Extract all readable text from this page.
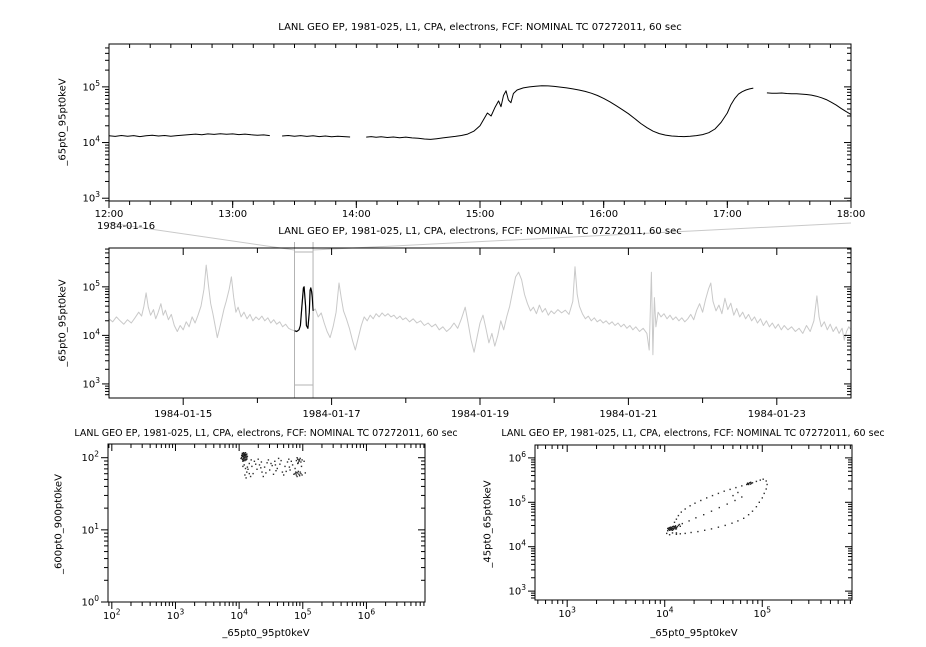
$10^3$
$10^4$
$10^5$
12:00	13:00	14:00	15:00	16:00	17:00	18:00
1984-01-16
$10^3$
$10^4$
$10^5$
1984-01-15	1984-01-17	1984-01-19	1984-01-21	1984-01-23
$10^0$
$10^1$
$10^2$
$10^2$	$10^3$	$10^4$	$10^5$	$10^6$
$10^3$
$10^4$
$10^5$
$10^6$
$10^3$	$10^4$	$10^5$
LANL GEO EP, 1981-025, L1, CPA, electrons, FCF: NOMINAL TC 07272011, 60 sec
LANL GEO EP, 1981-025, L1, CPA, electrons, FCF: NOMINAL TC 07272011, 60 sec
LANL GEO EP, 1981-025, L1, CPA, electrons, FCF: NOMINAL TC 07272011, 60 sec	LANL GEO EP, 1981-025, L1, CPA, electrons, FCF: NOMINAL TC 07272011, 60 sec
_65pt0_95pt0keV
_65pt0_95pt0keV
_600pt0_900pt0keV	_45pt0_65pt0keV
_65pt0_95pt0keV	_65pt0_95pt0keV
